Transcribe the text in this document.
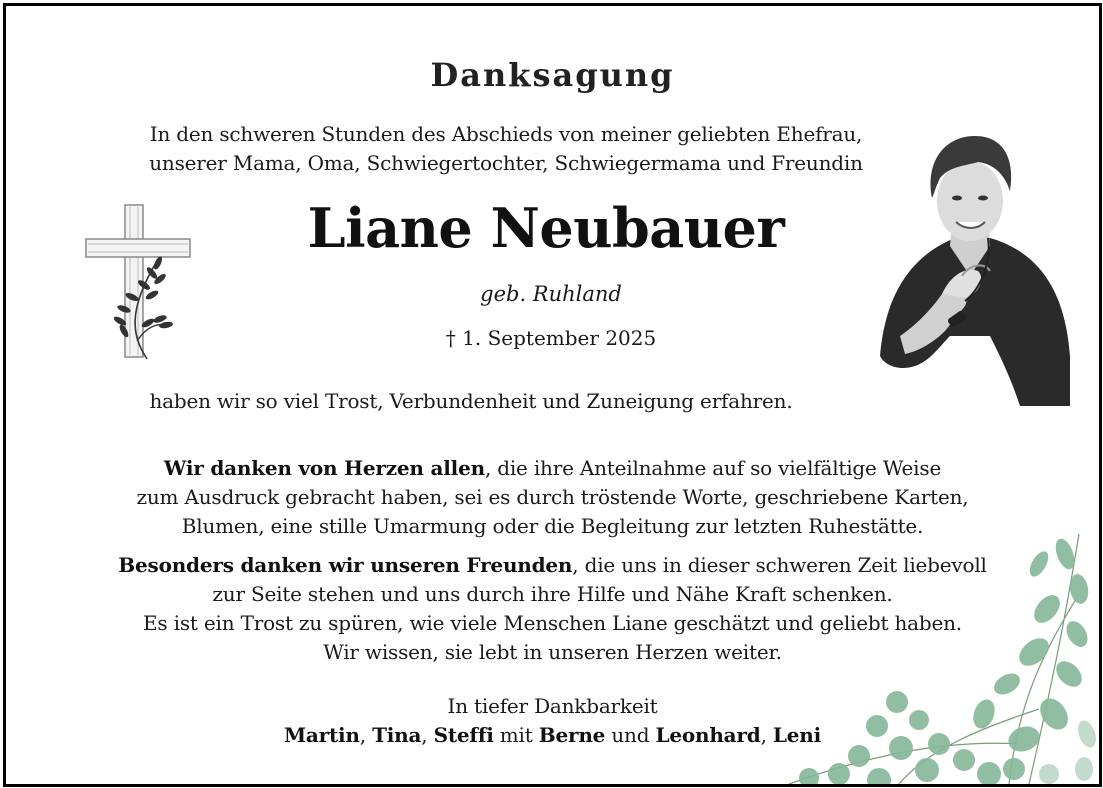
Danksagung
In den schweren Stunden des Abschieds von meiner geliebten Ehefrau,
unserer Mama, Oma, Schwiegertochter, Schwiegermama und Freundin
Liane Neubauer
geb. Ruhland
† 1. September 2025
haben wir so viel Trost, Verbundenheit und Zuneigung erfahren.
Wir danken von Herzen allen, die ihre Anteilnahme auf so vielfältige Weise
zum Ausdruck gebracht haben, sei es durch tröstende Worte, geschriebene Karten,
Blumen, eine stille Umarmung oder die Begleitung zur letzten Ruhestätte.
Besonders danken wir unseren Freunden, die uns in dieser schweren Zeit liebevoll
zur Seite stehen und uns durch ihre Hilfe und Nähe Kraft schenken.
Es ist ein Trost zu spüren, wie viele Menschen Liane geschätzt und geliebt haben.
Wir wissen, sie lebt in unseren Herzen weiter.
In tiefer Dankbarkeit
Martin, Tina, Steffi mit Berne und Leonhard, Leni
